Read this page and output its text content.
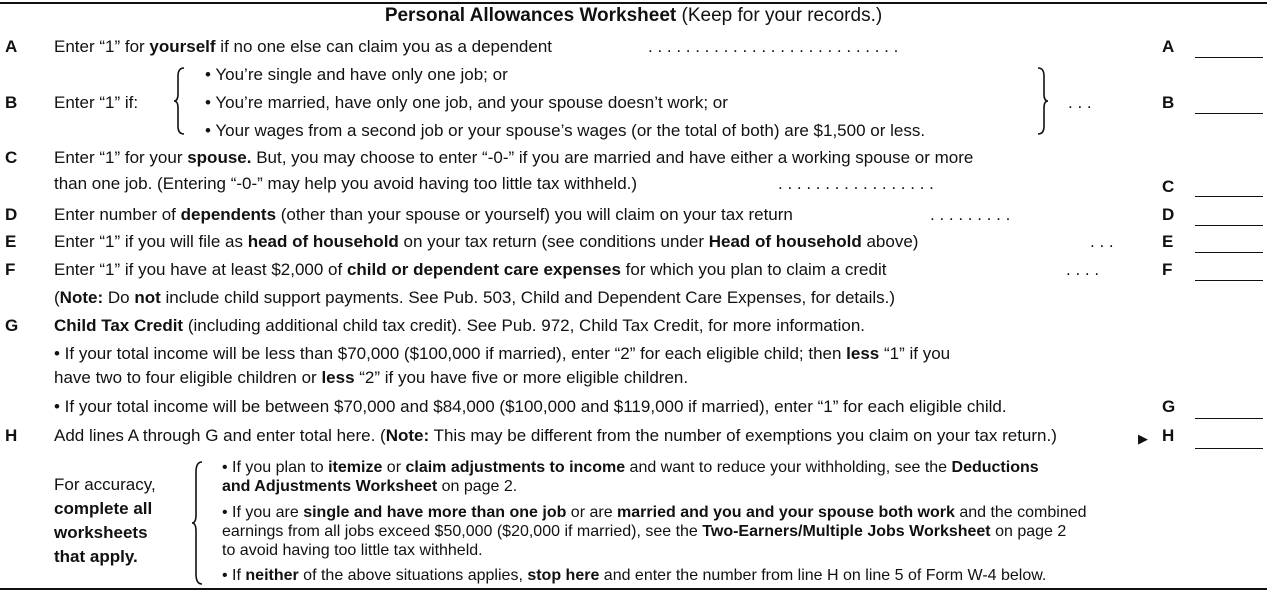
Personal Allowances Worksheet (Keep for your records.)
A Enter “1” for yourself if no one else can claim you as a dependent	. . . . . . . . . . . . . . . . . . . . . . . . . . .	A
B Enter “1” if:
• You’re single and have only one job; or
• You’re married, have only one job, and your spouse doesn’t work; or
• Your wages from a second job or your spouse’s wages (or the total of both) are $1,500 or less.
. . .	B
C Enter “1” for your spouse. But, you may choose to enter “-0-” if you are married and have either a working spouse or more
than one job. (Entering “-0-” may help you avoid having too little tax withheld.)	. . . . . . . . . . . . . . . . .	C
D Enter number of dependents (other than your spouse or yourself) you will claim on your tax return	. . . . . . . . .	D
E Enter “1” if you will file as head of household on your tax return (see conditions under Head of household above)	. . .	E
F Enter “1” if you have at least $2,000 of child or dependent care expenses for which you plan to claim a credit	. . . .	F
(Note: Do not include child support payments. See Pub. 503, Child and Dependent Care Expenses, for details.)
G Child Tax Credit (including additional child tax credit). See Pub. 972, Child Tax Credit, for more information.
• If your total income will be less than $70,000 ($100,000 if married), enter “2” for each eligible child; then less “1” if you
have two to four eligible children or less “2” if you have five or more eligible children.
• If your total income will be between $70,000 and $84,000 ($100,000 and $119,000 if married), enter “1” for each eligible child.	G
H Add lines A through G and enter total here. (Note: This may be different from the number of exemptions you claim on your tax return.)	▶ H
For accuracy,
complete all
worksheets
that apply.
• If you plan to itemize or claim adjustments to income and want to reduce your withholding, see the Deductions
and Adjustments Worksheet on page 2.
• If you are single and have more than one job or are married and you and your spouse both work and the combined
earnings from all jobs exceed $50,000 ($20,000 if married), see the Two-Earners/Multiple Jobs Worksheet on page 2
to avoid having too little tax withheld.
• If neither of the above situations applies, stop here and enter the number from line H on line 5 of Form W-4 below.
